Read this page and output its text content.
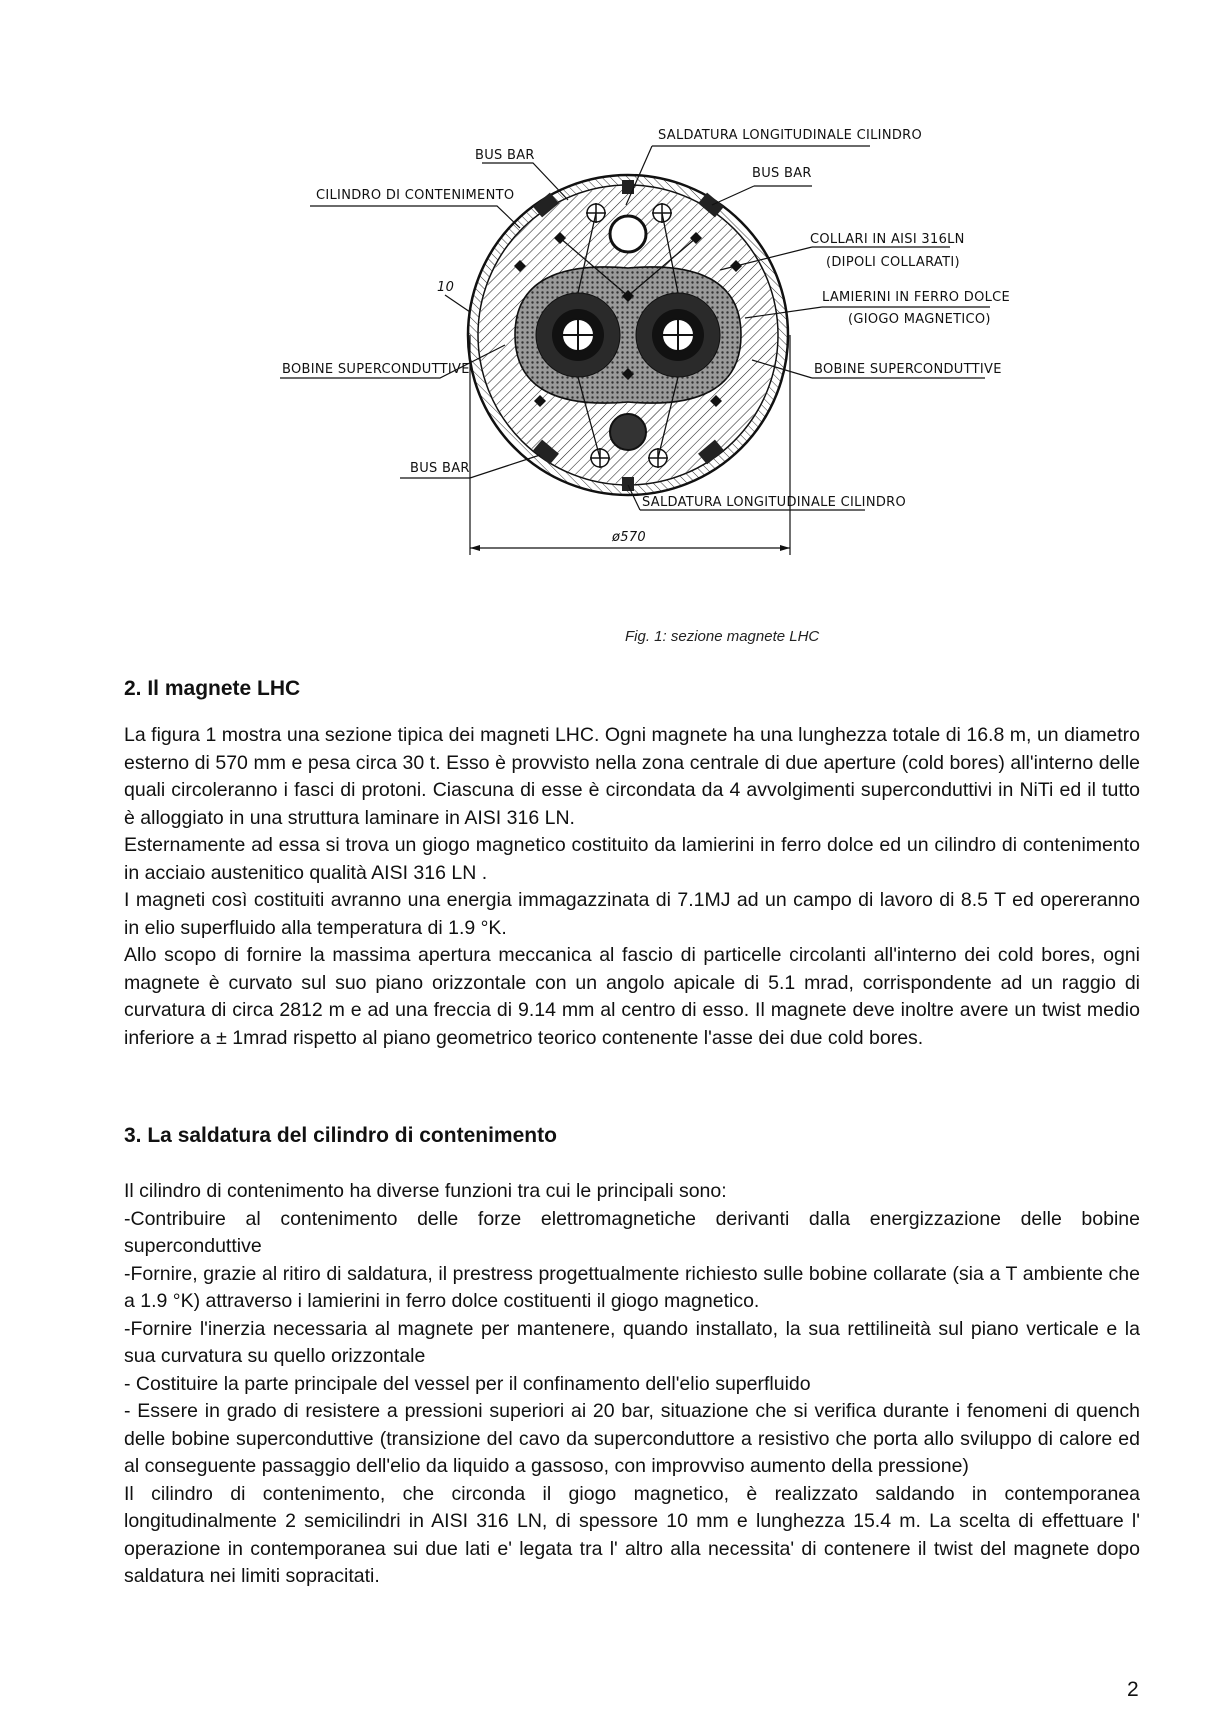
SALDATURA LONGITUDINALE CILINDRO
BUS BAR
BUS BAR
CILINDRO DI CONTENIMENTO
COLLARI IN AISI 316LN
(DIPOLI COLLARATI)
10
LAMIERINI IN FERRO DOLCE
(GIOGO MAGNETICO)
BOBINE SUPERCONDUTTIVE	BOBINE SUPERCONDUTTIVE
BUS BAR
SALDATURA LONGITUDINALE CILINDRO
ø570
Fig. 1: sezione magnete LHC
2. Il magnete LHC
La figura 1 mostra una sezione tipica dei magneti LHC. Ogni magnete ha una lunghezza totale di 16.8 m, un diametro esterno di 570 mm e pesa circa 30 t. Esso è provvisto nella zona centrale di due aperture (cold bores) all'interno delle quali circoleranno i fasci di protoni. Ciascuna di esse è circondata da 4 avvolgimenti superconduttivi in NiTi ed il tutto è alloggiato in una struttura laminare in AISI 316 LN.
Esternamente ad essa si trova un giogo magnetico costituito da lamierini in ferro dolce ed un cilindro di contenimento in acciaio austenitico qualità AISI 316 LN .
I magneti così costituiti avranno una energia immagazzinata di 7.1MJ ad un campo di lavoro di 8.5 T ed opereranno in elio superfluido alla temperatura di 1.9 °K.
Allo scopo di fornire la massima apertura meccanica al fascio di particelle circolanti all'interno dei cold bores, ogni magnete è curvato sul suo piano orizzontale con un angolo apicale di 5.1 mrad, corrispondente ad un raggio di curvatura di circa 2812 m e ad una freccia di 9.14 mm al centro di esso. Il magnete deve inoltre avere un twist medio inferiore a ± 1mrad rispetto al piano geometrico teorico contenente l'asse dei due cold bores.
3. La saldatura del cilindro di contenimento
Il cilindro di contenimento ha diverse funzioni tra cui le principali sono:
-Contribuire al contenimento delle forze elettromagnetiche derivanti dalla energizzazione delle bobine superconduttive
-Fornire, grazie al ritiro di saldatura, il prestress progettualmente richiesto sulle bobine collarate (sia a T ambiente che a 1.9 °K) attraverso i lamierini in ferro dolce costituenti il giogo magnetico.
-Fornire l'inerzia necessaria al magnete per mantenere, quando installato, la sua rettilineità sul piano verticale e la sua curvatura su quello orizzontale
- Costituire la parte principale del vessel per il confinamento dell'elio superfluido
- Essere in grado di resistere a pressioni superiori ai 20 bar, situazione che si verifica durante i fenomeni di quench delle bobine superconduttive (transizione del cavo da superconduttore a resistivo che porta allo sviluppo di calore ed al conseguente passaggio dell'elio da liquido a gassoso, con improvviso aumento della pressione)
Il cilindro di contenimento, che circonda il giogo magnetico, è realizzato saldando in contemporanea longitudinalmente 2 semicilindri in AISI 316 LN, di spessore 10 mm e lunghezza 15.4 m. La scelta di effettuare l' operazione in contemporanea sui due lati e' legata tra l' altro alla necessita' di contenere il twist del magnete dopo saldatura nei limiti sopracitati.
2
